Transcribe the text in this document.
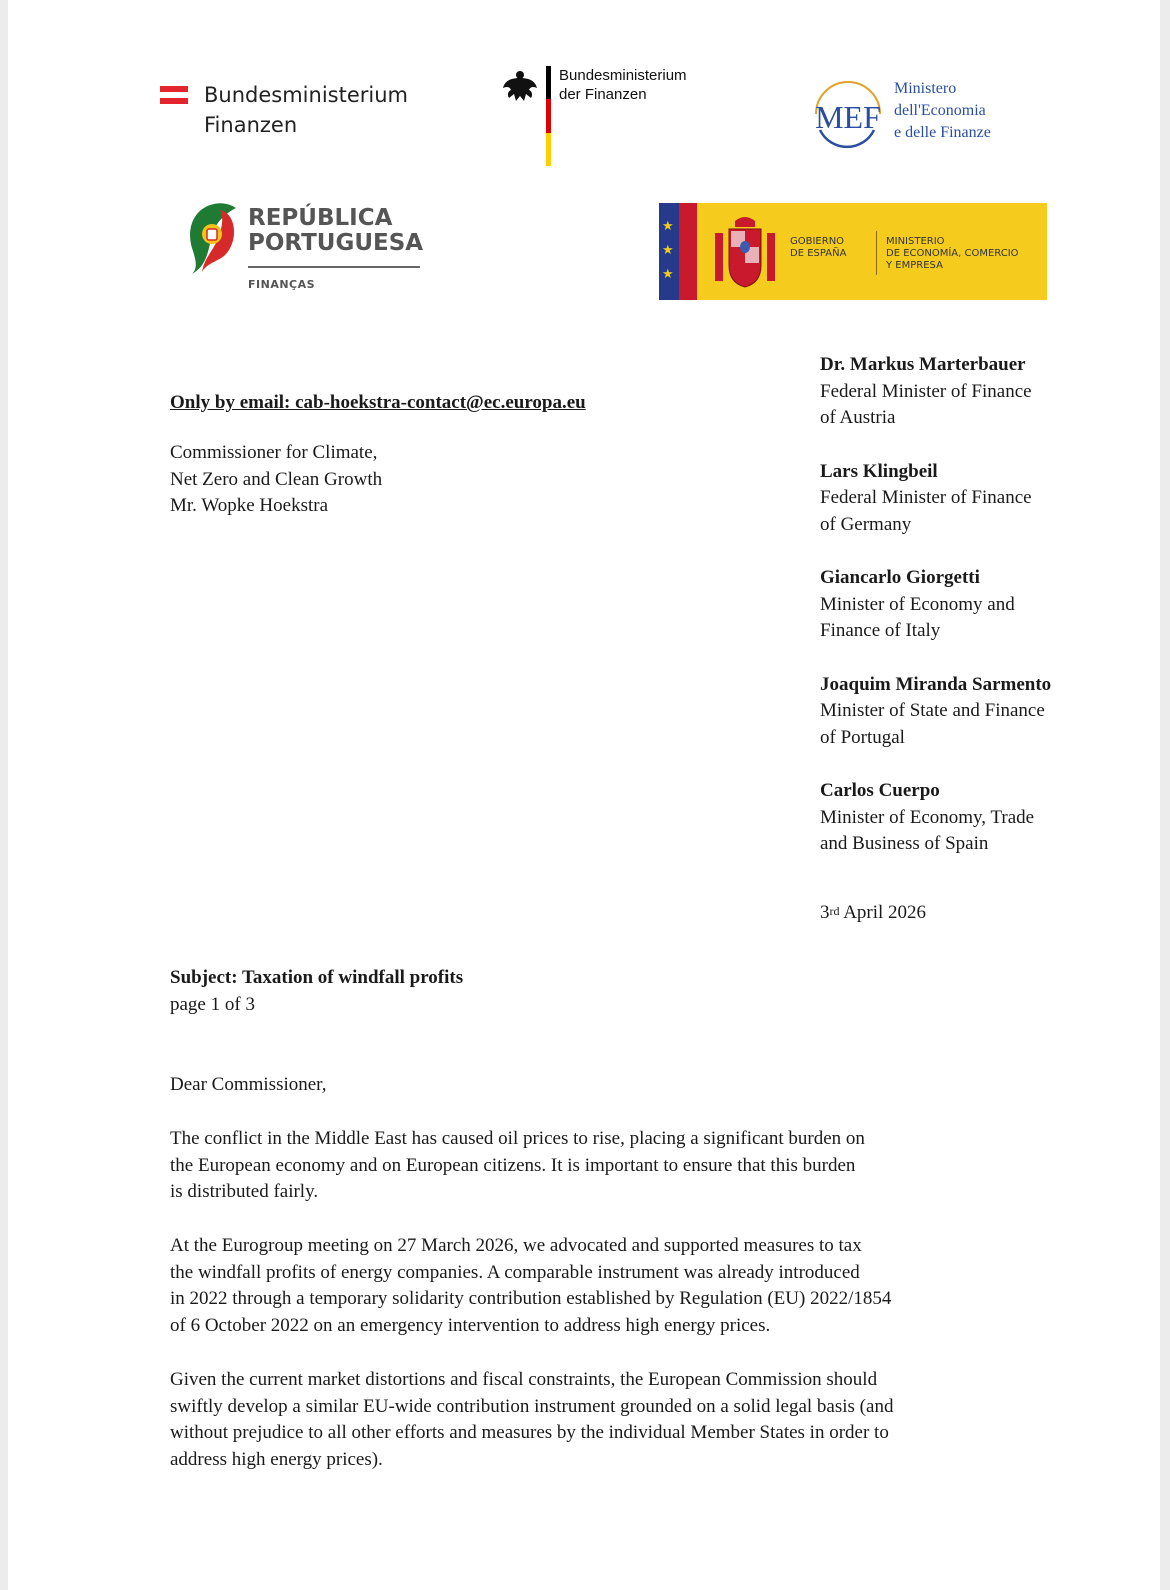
Bundesministerium
Finanzen
Bundesministerium
der Finanzen
MEF
Ministero
dell'Economia
e delle Finanze
REPÚBLICA
PORTUGUESA
FINANÇAS
★
★
★
GOBIERNO
DE ESPAÑA
MINISTERIO
DE ECONOMÍA, COMERCIO
Y EMPRESA
Only by email: cab-hoekstra-contact@ec.europa.eu
Commissioner for Climate,
Net Zero and Clean Growth
Mr. Wopke Hoekstra
Dr. Markus Marterbauer
Federal Minister of Finance
of Austria
Lars Klingbeil
Federal Minister of Finance
of Germany
Giancarlo Giorgetti
Minister of Economy and
Finance of Italy
Joaquim Miranda Sarmento
Minister of State and Finance
of Portugal
Carlos Cuerpo
Minister of Economy, Trade
and Business of Spain
3rd April 2026
Subject: Taxation of windfall profits
page 1 of 3
Dear Commissioner,
The conflict in the Middle East has caused oil prices to rise, placing a significant burden on
the European economy and on European citizens. It is important to ensure that this burden
is distributed fairly.
At the Eurogroup meeting on 27 March 2026, we advocated and supported measures to tax
the windfall profits of energy companies. A comparable instrument was already introduced
in 2022 through a temporary solidarity contribution established by Regulation (EU) 2022/1854
of 6 October 2022 on an emergency intervention to address high energy prices.
Given the current market distortions and fiscal constraints, the European Commission should
swiftly develop a similar EU-wide contribution instrument grounded on a solid legal basis (and
without prejudice to all other efforts and measures by the individual Member States in order to
address high energy prices).
